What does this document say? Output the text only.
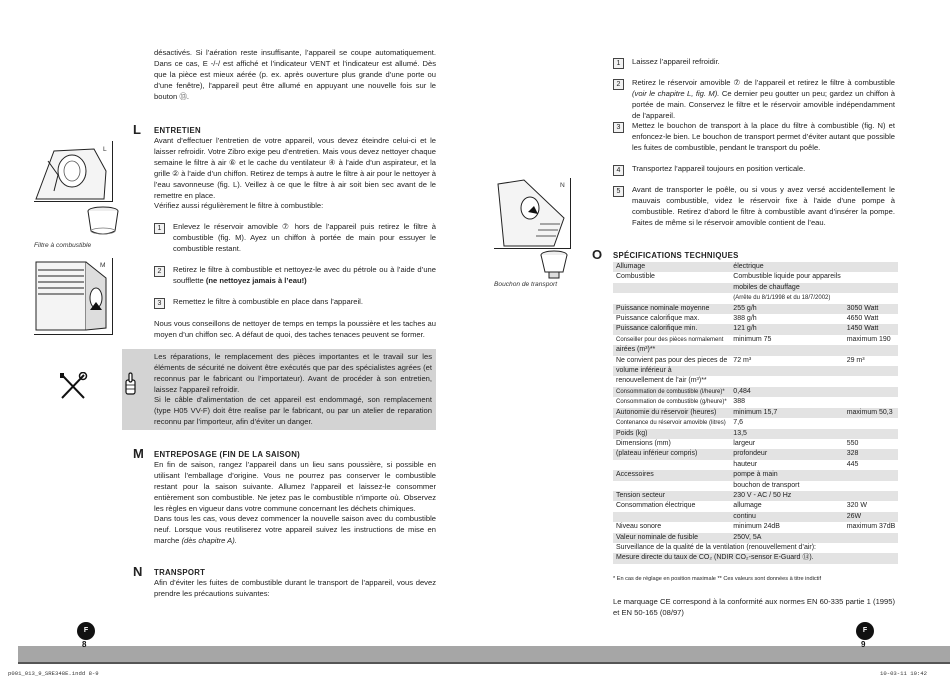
désactivés. Si l’aération reste insuffisante, l’appareil se coupe automatiquement. Dans ce cas, E -/-/ est affiché et l’indicateur VENT et l’indicateur est allumé. Dès que la pièce est mieux aérée (p. ex. après ouverture plus grande d’une porte ou d’une fenêtre), l’appareil peut être allumé en appuyant une nouvelle fois sur le bouton ⑬.
L ENTRETIEN
Avant d’effectuer l’entretien de votre appareil, vous devez éteindre celui-ci et le laisser refroidir. Votre Zibro exige peu d’entretien. Mais vous devez nettoyer chaque semaine le filtre à air ⑥ et le cache du ventilateur ④ à l’aide d’un aspirateur, et la grille ② à l’aide d’un chiffon. Retirez de temps à autre le filtre à air pour le nettoyer à l’eau savonneuse (fig. L). Veillez à ce que le filtre à air soit bien sec avant de le remettre en place.
Vérifiez aussi régulièrement le filtre à combustible:
1	Enlevez le réservoir amovible ⑦ hors de l’appareil puis retirez le filtre à combustible (fig. M). Ayez un chiffon à portée de main pour essuyer le combustible restant.
2	Retirez le filtre à combustible et nettoyez-le avec du pétrole ou à l’aide d’une soufflette (ne nettoyez jamais à l’eau!)
3	Remettez le filtre à combustible en place dans l’appareil.
Nous vous conseillons de nettoyer de temps en temps la poussière et les taches au moyen d’un chiffon sec. A défaut de quoi, des taches tenaces peuvent se former.
Les réparations, le remplacement des pièces importantes et le travail sur les éléments de sécurité ne doivent être exécutés que par des spécialistes agrées (et reconnus par le fabricant ou l’importateur). Avant de procéder à son entretien, laissez l’appareil refroidir.
Si le câble d’alimentation de cet appareil est endommagé, son remplacement (type H05 VV-F) doit être realise par le fabricant, ou par un atelier de reparation reconnu par l’importeur, afin d’éviter un danger.
L
Filtre à combustible
M
M ENTREPOSAGE (FIN DE LA SAISON)
En fin de saison, rangez l’appareil dans un lieu sans poussière, si possible en utilisant l’emballage d’origine. Vous ne pourrez pas conserver le combustible restant pour la saison suivante. Allumez l’appareil et laissez-le consommer entièrement son combustible. Ne jetez pas le combustible n’importe où. Observez les règles en vigueur dans votre commune concernant les déchets chimiques.
Dans tous les cas, vous devez commencer la nouvelle saison avec du combustible neuf. Lorsque vous reutiliserez votre appareil suivez les instructions de mise en marche (dès chapitre A).
N TRANSPORT
Afin d’éviter les fuites de combustible durant le transport de l’appareil, vous devez prendre les précautions suivantes:
1	Laissez l’appareil refroidir.
2	Retirez le réservoir amovible ⑦ de l’appareil et retirez le filtre à combustible (voir le chapitre L, fig. M). Ce dernier peu goutter un peu; gardez un chiffon à portée de main. Conservez le filtre et le réservoir amovible indépendamment de l’appareil.
3	Mettez le bouchon de transport à la place du filtre à combustible (fig. N) et enfoncez-le bien. Le bouchon de transport permet d’éviter autant que possible les fuites de combustible, pendant le transport du poêle.
4	Transportez l’appareil toujours en position verticale.
5	Avant de transporter le poêle, ou si vous y avez versé accidentellement le mauvais combustible, videz le réservoir fixe à l’aide d’une pompe à combustible. Retirez d’abord le filtre à combustible avant d’insérer la pompe. Faites de même si le réservoir amovible contient de l’eau.
N
Bouchon de transport
O SPÉCIFICATIONS TECHNIQUES
Allumage	électrique	
Combustible	Combustible liquide pour appareils	
	mobiles de chauffage	
	(Arrête du 8/1/1998 et du 18/7/2002)	
Puissance nominale moyenne	255 g/h	3050 Watt
Puissance calorifique max.	388 g/h	4650 Watt
Puissance calorifique min.	121 g/h	1450 Watt
Conseiller pour des pièces normalement	minimum 75	maximum 190
airées (m³)**		
Ne convient pas pour des pieces de	72 m³	29 m³
volume inférieur à		
renouvellement de l’air (m³)**		
Consommation de combustible (l/heure)*	0,484	
Consommation de combustible (g/heure)*	388	
Autonomie du réservoir (heures)	minimum 15,7	maximum 50,3
Contenance du réservoir amovible (litres)	7,6	
Poids (kg)	13,5	
Dimensions (mm)	largeur	550
(plateau inférieur compris)	profondeur	328
	hauteur	445
Accessoires	pompe à main	
	bouchon de transport	
Tension secteur	230 V - AC / 50 Hz	
Consommation électrique	allumage	320 W
	continu	26W
Niveau sonore	minimum 24dB	maximum 37dB
Valeur nominale de fusible	250V, 5A	
Surveillance de la qualité de la ventilation (renouvellement d’air):		
Mesure directe du taux de CO₂ (NDIR CO₂-sensor E-Guard ⑭).		
* En cas de réglage en position maximale ** Ces valeurs sont données à titre indictif
Le marquage CE correspond à la conformité aux normes EN 60-335 partie 1 (1995) et EN 50-165 (08/97)
F	F
8	9
p001_013_9_SRE348E.indd 8-9	10-03-11 10:42
